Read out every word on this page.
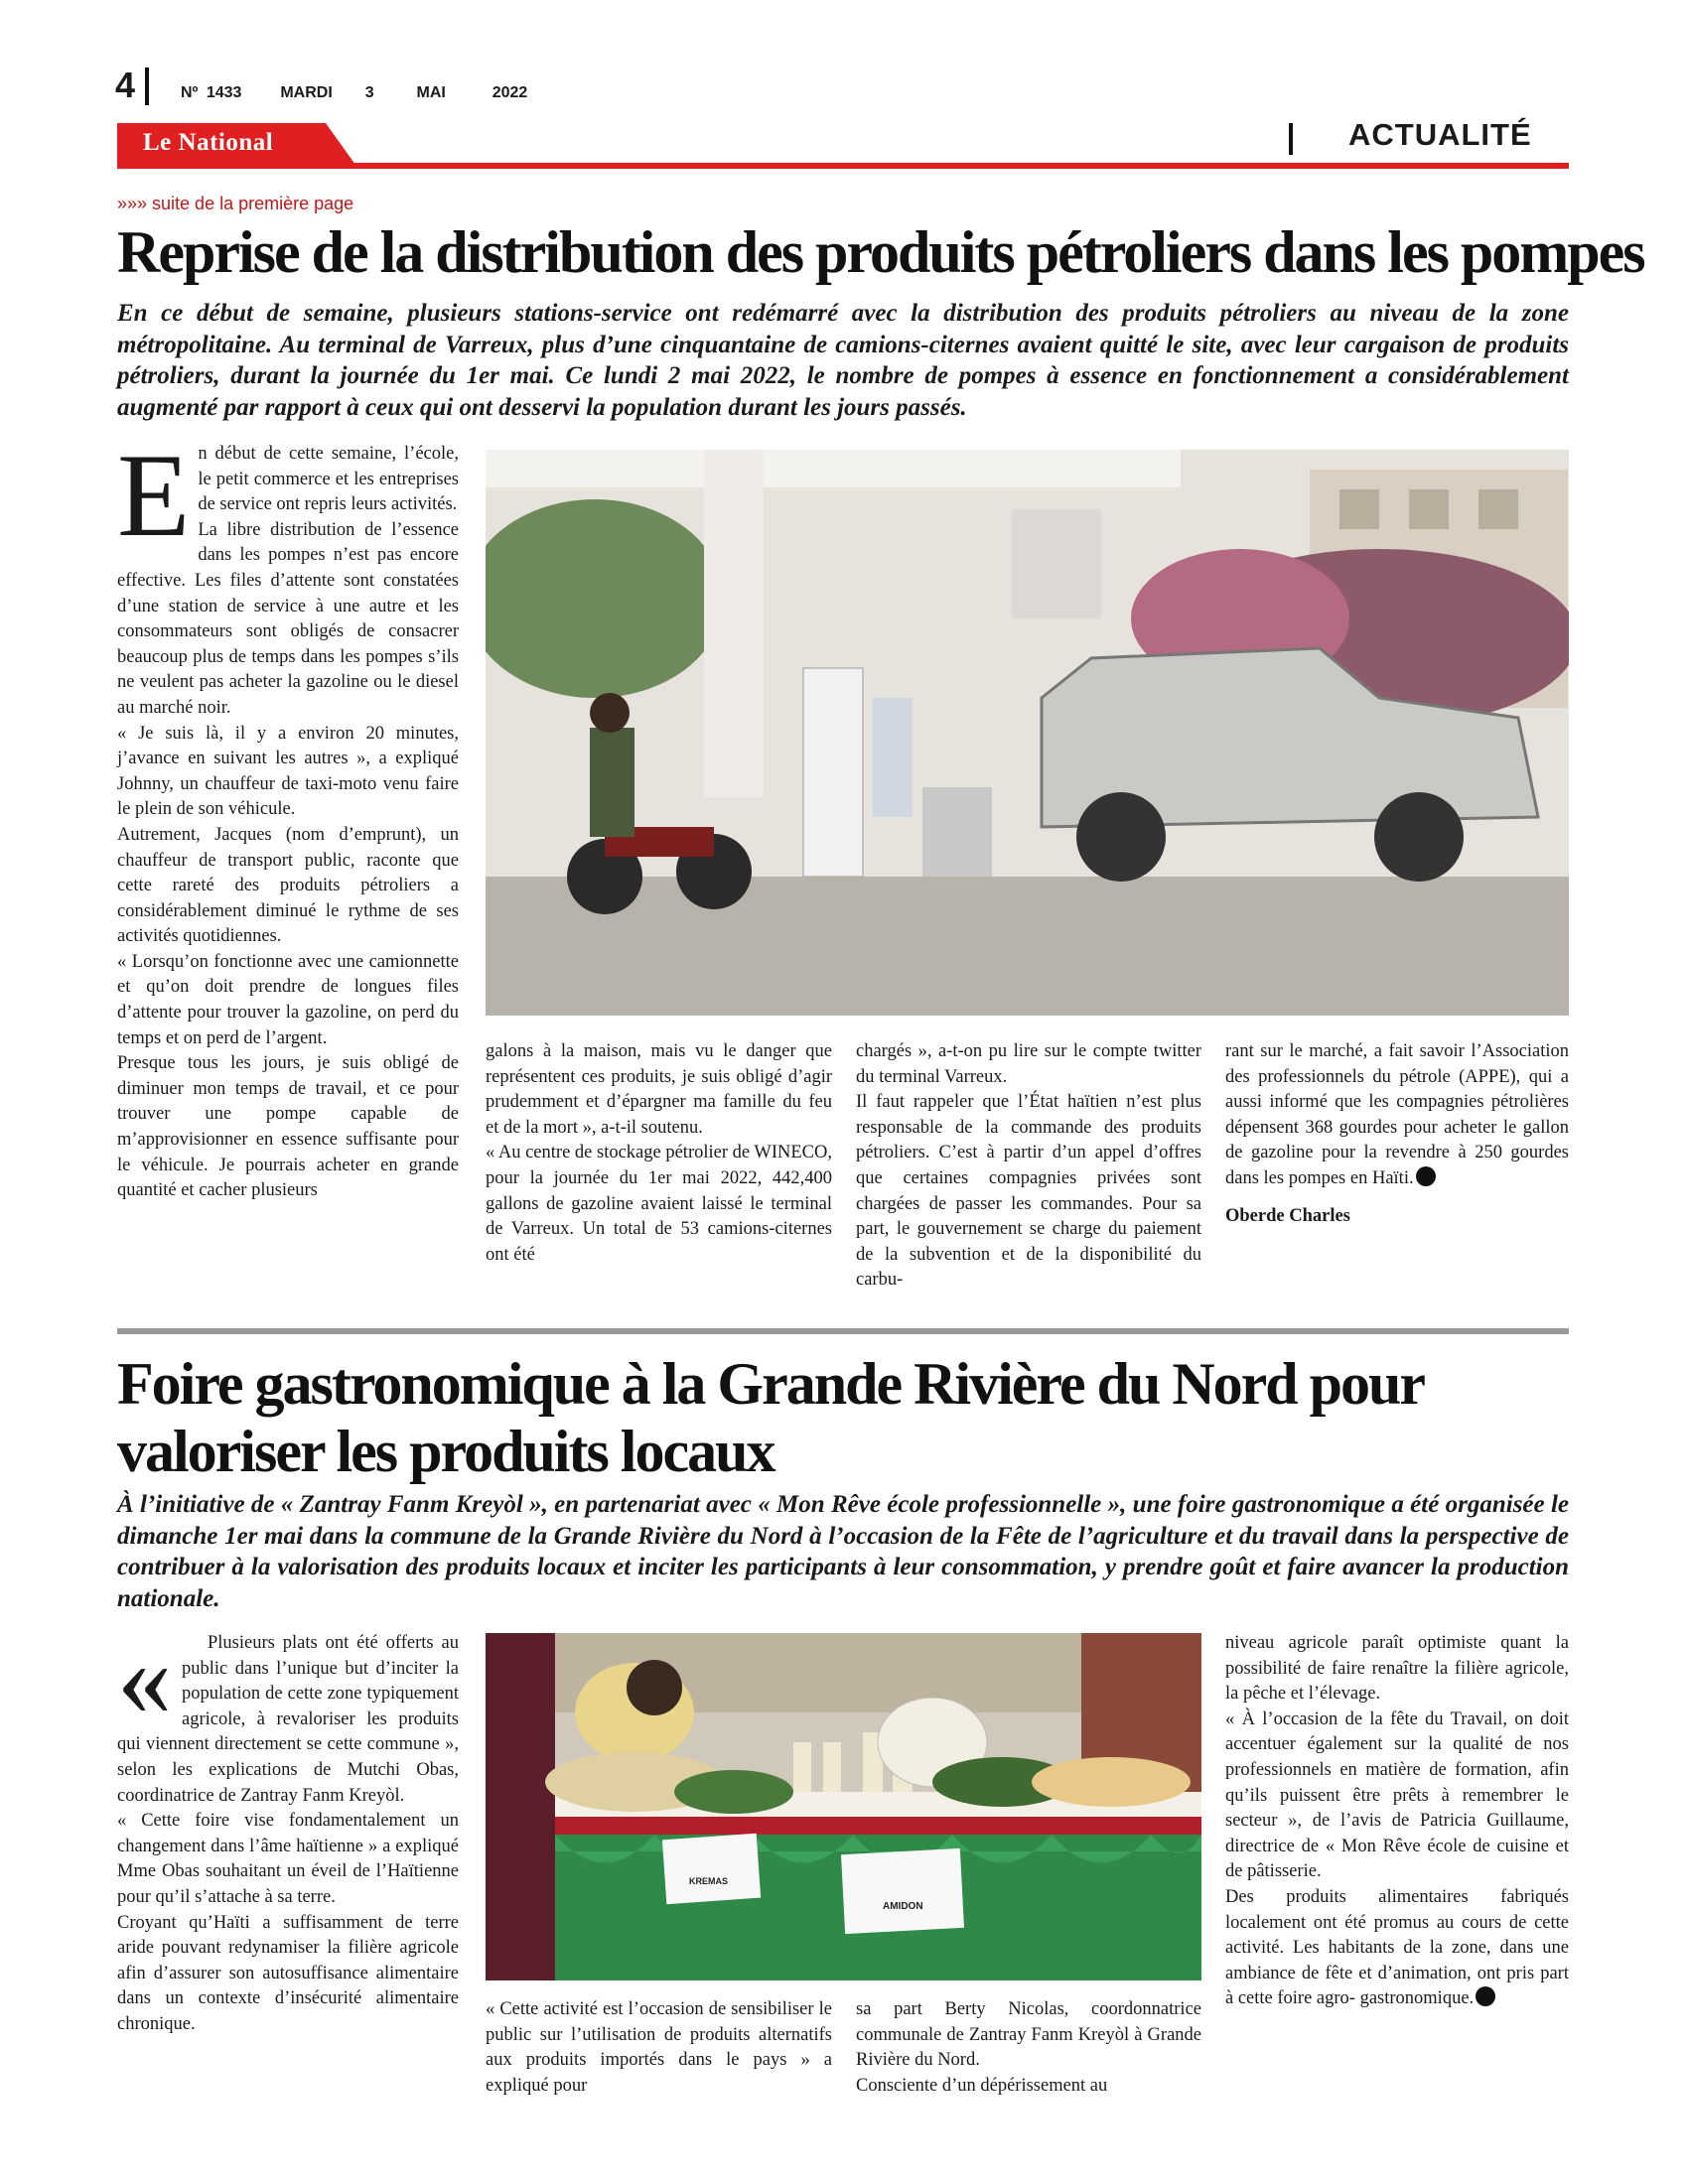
4	Nº 1433 MARDI 3	MAI	2022
Le National	ACTUALITÉ
»»» suite de la première page
Reprise de la distribution des produits pétroliers dans les pompes
En ce début de semaine, plusieurs stations-service ont redémarré avec la distribution des produits pétroliers au niveau de la zone métropolitaine. Au terminal de Varreux, plus d’une cinquantaine de camions-citernes avaient quitté le site, avec leur cargaison de produits pétroliers, durant la journée du 1er mai. Ce lundi 2 mai 2022, le nombre de pompes à essence en fonctionnement a considérablement augmenté par rapport à ceux qui ont desservi la population durant les jours passés.
E n début de cette semaine, l’école, le petit commerce et les entreprises de service ont repris leurs activités.

La libre distribution de l’essence dans les pompes n’est pas encore effective. Les files d’attente sont constatées d’une station de service à une autre et les consommateurs sont obligés de consacrer beaucoup plus de temps dans les pompes s’ils ne veulent pas acheter la gazoline ou le diesel au marché noir.

« Je suis là, il y a environ 20 minutes, j’avance en suivant les autres », a expliqué Johnny, un chauffeur de taxi-moto venu faire le plein de son véhicule.

Autrement, Jacques (nom d’emprunt), un chauffeur de transport public, raconte que cette rareté des produits pétroliers a considérablement diminué le rythme de ses activités quotidiennes.

« Lorsqu’on fonctionne avec une camionnette et qu’on doit prendre de longues files d’attente pour trouver la gazoline, on perd du temps et on perd de l’argent.

Presque tous les jours, je suis obligé de diminuer mon temps de travail, et ce pour trouver une pompe capable de m’approvisionner en essence suffisante pour le véhicule. Je pourrais acheter en grande quantité et cacher plusieurs

galons à la maison, mais vu le danger que représentent ces produits, je suis obligé d’agir prudemment et d’épargner ma famille du feu et de la mort », a-t-il soutenu.

« Au centre de stockage pétrolier de WINECO, pour la journée du 1er mai 2022, 442,400 gallons de gazoline avaient laissé le terminal de Varreux. Un total de 53 camions-citernes ont été

chargés », a-t-on pu lire sur le compte twitter du terminal Varreux.

Il faut rappeler que l’État haïtien n’est plus responsable de la commande des produits pétroliers. C’est à partir d’un appel d’offres que certaines compagnies privées sont chargées de passer les commandes. Pour sa part, le gouvernement se charge du paiement de la subvention et de la disponibilité du carbu-

rant sur le marché, a fait savoir l’Association des professionnels du pétrole (APPE), qui a aussi informé que les compagnies pétrolières dépensent 368 gourdes pour acheter le gallon de gazoline pour la revendre à 250 gourdes dans les pompes en Haïti.

Oberde Charles

Foire gastronomique à la Grande Rivière du Nord pour valoriser les produits locaux
À l’initiative de « Zantray Fanm Kreyòl », en partenariat avec « Mon Rêve école professionnelle », une foire gastronomique a été organisée le dimanche 1er mai dans la commune de la Grande Rivière du Nord à l’occasion de la Fête de l’agriculture et du travail dans la perspective de contribuer à la valorisation des produits locaux et inciter les participants à leur consommation, y prendre goût et faire avancer la production nationale.
KREMAS
AMIDON
«	Plusieurs plats ont été offerts au public dans l’unique but d’inciter la population de cette zone typiquement agricole, à revaloriser les produits qui viennent directement se cette commune », selon les explications de Mutchi Obas, coordinatrice de Zantray Fanm Kreyòl.

« Cette foire vise fondamentalement un changement dans l’âme haïtienne » a expliqué Mme Obas souhaitant un éveil de l’Haïtienne pour qu’il s’attache à sa terre.

Croyant qu’Haïti a suffisamment de terre aride pouvant redynamiser la filière agricole afin d’assurer son autosuffisance alimentaire dans un contexte d’insécurité alimentaire chronique.

« Cette activité est l’occasion de sensibiliser le public sur l’utilisation de produits alternatifs aux produits importés dans le pays » a expliqué pour

sa part Berty Nicolas, coordonnatrice communale de Zantray Fanm Kreyòl à Grande Rivière du Nord.

Consciente d’un dépérissement au

niveau agricole paraît optimiste quant la possibilité de faire renaître la filière agricole, la pêche et l’élevage.

« À l’occasion de la fête du Travail, on doit accentuer également sur la qualité de nos professionnels en matière de formation, afin qu’ils puissent être prêts à remembrer le secteur », de l’avis de Patricia Guillaume, directrice de « Mon Rêve école de cuisine et de pâtisserie.

Des produits alimentaires fabriqués localement ont été promus au cours de cette activité. Les habitants de la zone, dans une ambiance de fête et d’animation, ont pris part à cette foire agro- gastronomique.
